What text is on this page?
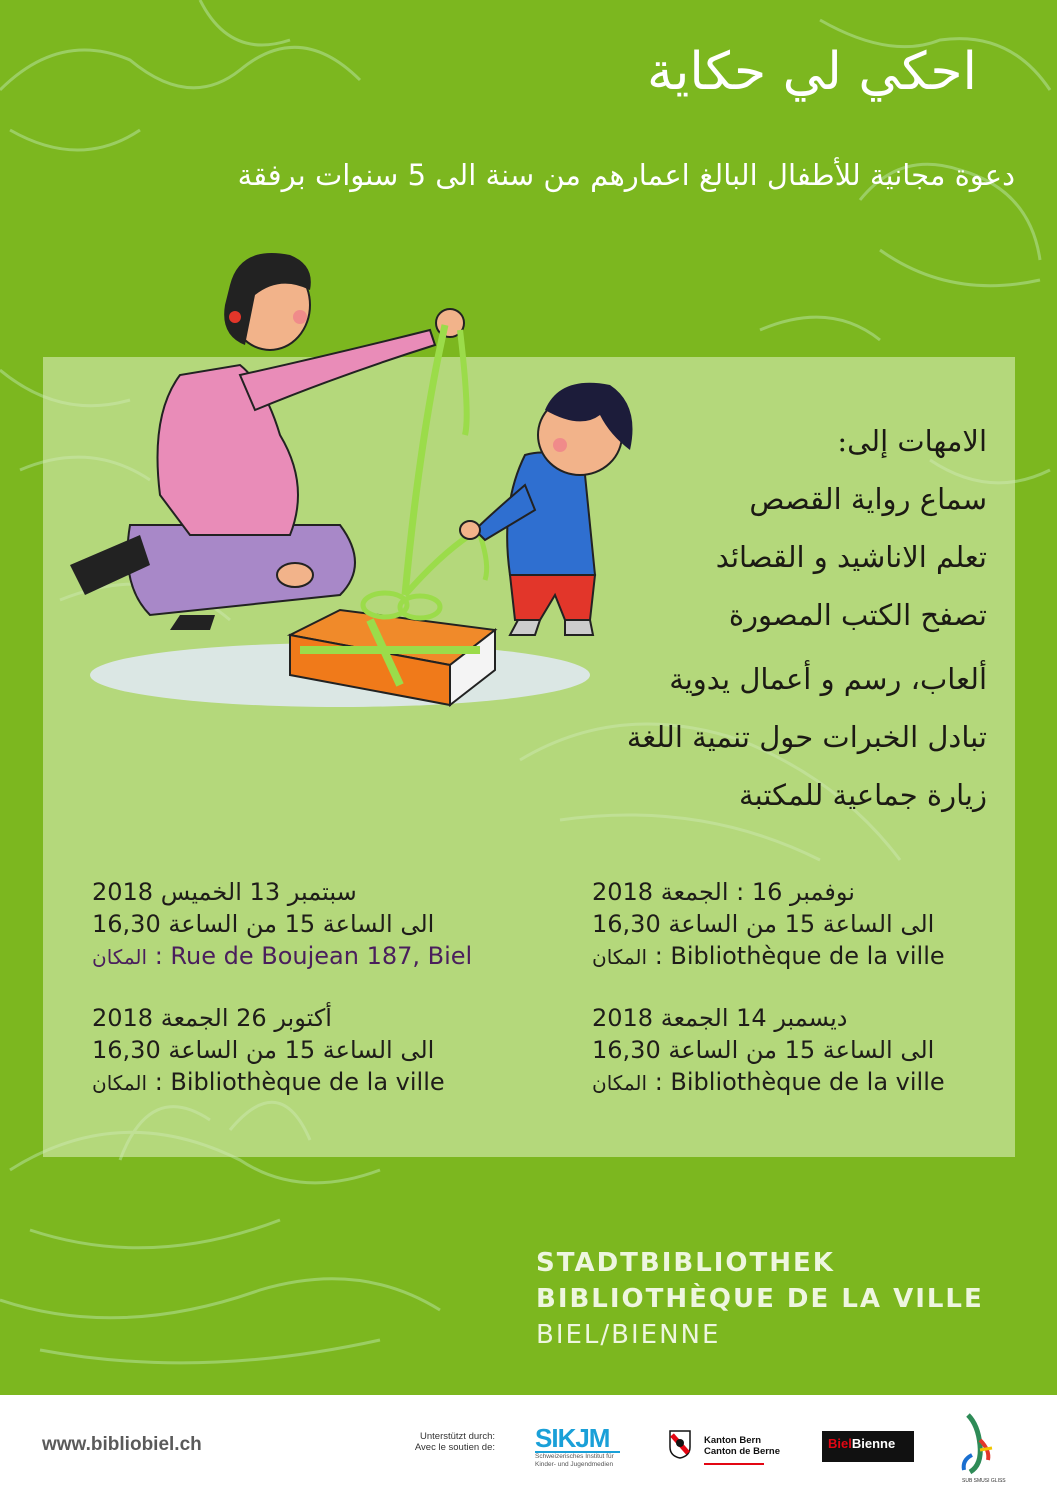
احكي لي حكاية
دعوة مجانية للأطفال البالغ اعمارهم من سنة الى 5 سنوات برفقة
الامهات إلى:
سماع رواية القصص
تعلم الاناشيد و القصائد
تصفح الكتب المصورة
ألعاب، رسم و أعمال يدوية
تبادل الخبرات حول تنمية اللغة
زيارة جماعية للمكتبة
2018 سبتمبر 13 الخميس
16,30 الى الساعة 15 من الساعة
المكان : Rue de Boujean 187, Biel
2018 نوفمبر 16 : الجمعة
16,30 الى الساعة 15 من الساعة
المكان : Bibliothèque de la ville
2018 أكتوبر 26 الجمعة
16,30 الى الساعة 15 من الساعة
المكان : Bibliothèque de la ville
2018 ديسمبر 14 الجمعة
16,30 الى الساعة 15 من الساعة
المكان : Bibliothèque de la ville
STADTBIBLIOTHEK
BIBLIOTHÈQUE DE LA VILLE
BIEL/BIENNE
www.bibliobiel.ch	Unterstützt durch:
Avec le soutien de: SIKJM
Schweizerisches Institut für Kinder- und Jugendmedien
Kanton Bern
Canton de Berne
BielBienne
SUB SMUSI GLISS
